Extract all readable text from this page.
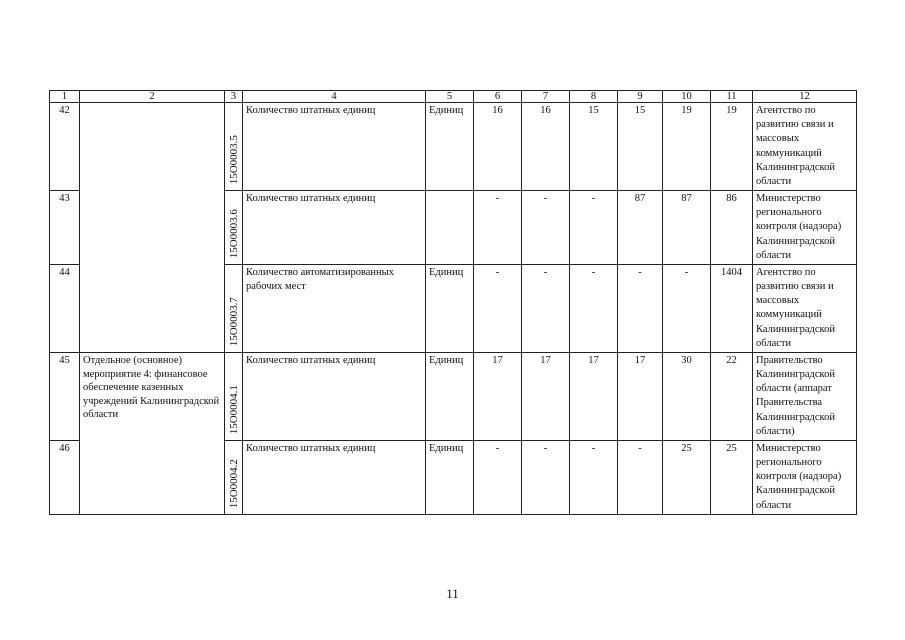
1	2	3	4	5	6	7	8	9	10	11	12
42		15O0003.5	Количество штатных единиц	Единиц	16	16	15	15	19	19	Агентство по развитию связи и массовых коммуникаций Калининградской области
43		15O0003.6	Количество штатных единиц		-	-	-	87	87	86	Министерство регионального контроля (надзора) Калининградской области
44		15O0003.7	Количество автоматизированных рабочих мест	Единиц	-	-	-	-	-	1404	Агентство по развитию связи и массовых коммуникаций Калининградской области
45	Отдельное (основное) мероприятие 4: финансовое обеспечение казенных учреждений Калининградской области	15O0004.1	Количество штатных единиц	Единиц	17	17	17	17	30	22	Правительство Калининградской области (аппарат Правительства Калининградской области)
46		15O0004.2	Количество штатных единиц	Единиц	-	-	-	-	25	25	Министерство регионального контроля (надзора) Калининградской области
11
